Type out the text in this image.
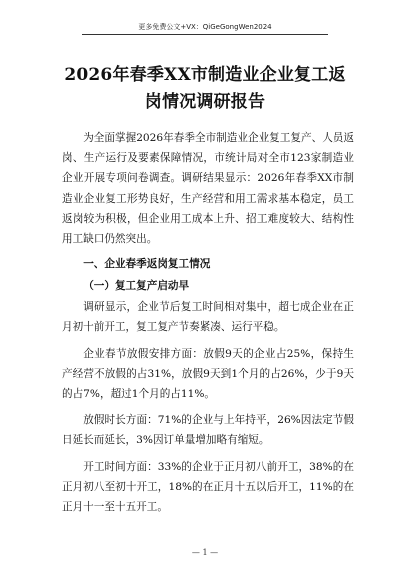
更多免费公文+VX：QiGeGongWen2024
2026年春季XX市制造业企业复工返岗情况调研报告

为全面掌握2026年春季全市制造业企业复工复产、人员返岗、生产运行及要素保障情况，市统计局对全市123家制造业企业开展专项问卷调查。调研结果显示：2026年春季XX市制造业企业复工形势良好，生产经营和用工需求基本稳定，员工返岗较为积极，但企业用工成本上升、招工难度较大、结构性用工缺口仍然突出。

一、企业春季返岗复工情况
（一）复工复产启动早

调研显示，企业节后复工时间相对集中，超七成企业在正月初十前开工，复工复产节奏紧凑、运行平稳。

企业春节放假安排方面：放假9天的企业占25%，保持生产经营不放假的占31%，放假9天到1个月的占26%，少于9天的占7%，超过1个月的占11%。

放假时长方面：71%的企业与上年持平，26%因法定节假日延长而延长，3%因订单量增加略有缩短。

开工时间方面：33%的企业于正月初八前开工，38%的在正月初八至初十开工，18%的在正月十五以后开工，11%的在正月十一至十五开工。

— 1 —
